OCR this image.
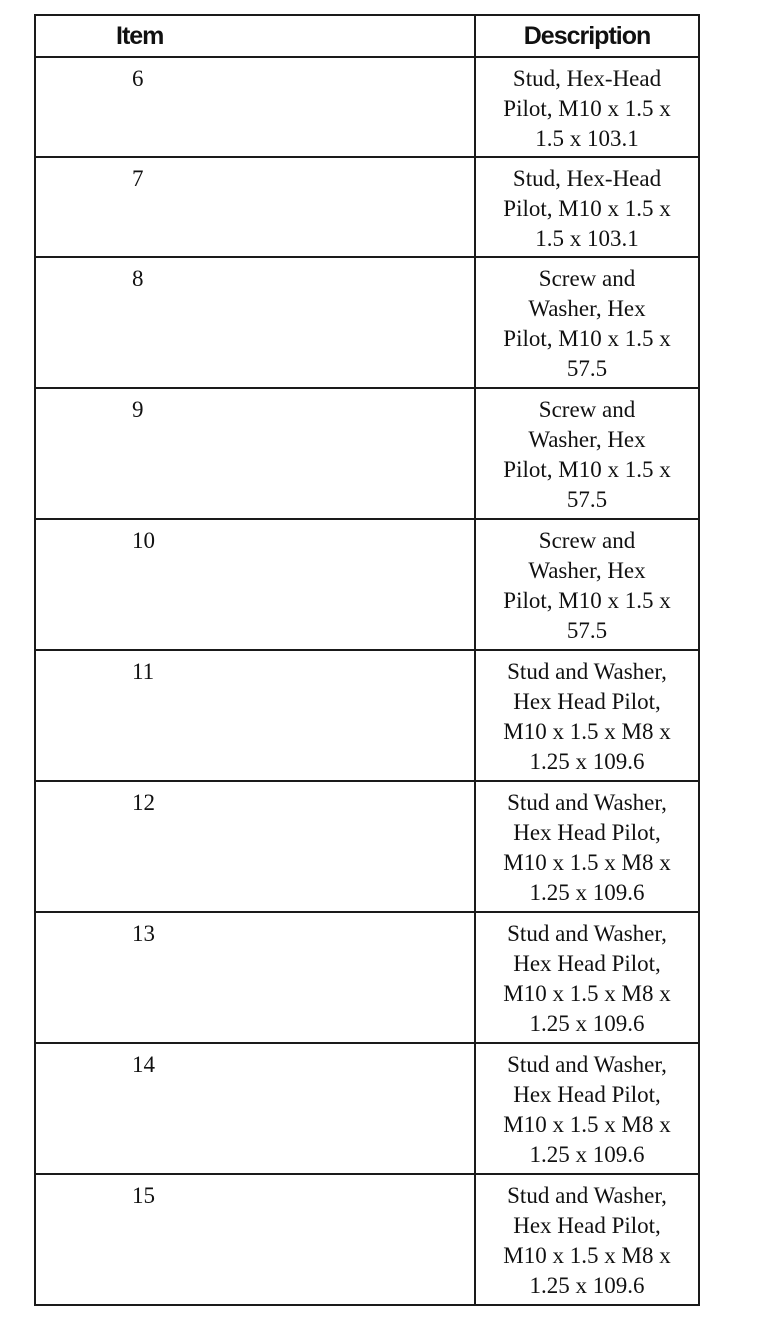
Item	Description
6	Stud, Hex-Head
Pilot, M10 x 1.5 x
1.5 x 103.1

7	Stud, Hex-Head
Pilot, M10 x 1.5 x
1.5 x 103.1

8	Screw and
Washer, Hex
Pilot, M10 x 1.5 x
57.5

9	Screw and
Washer, Hex
Pilot, M10 x 1.5 x
57.5

10	Screw and
Washer, Hex
Pilot, M10 x 1.5 x
57.5

11	Stud and Washer,
Hex Head Pilot,
M10 x 1.5 x M8 x
1.25 x 109.6

12	Stud and Washer,
Hex Head Pilot,
M10 x 1.5 x M8 x
1.25 x 109.6

13	Stud and Washer,
Hex Head Pilot,
M10 x 1.5 x M8 x
1.25 x 109.6

14	Stud and Washer,
Hex Head Pilot,
M10 x 1.5 x M8 x
1.25 x 109.6

15	Stud and Washer,
Hex Head Pilot,
M10 x 1.5 x M8 x
1.25 x 109.6
